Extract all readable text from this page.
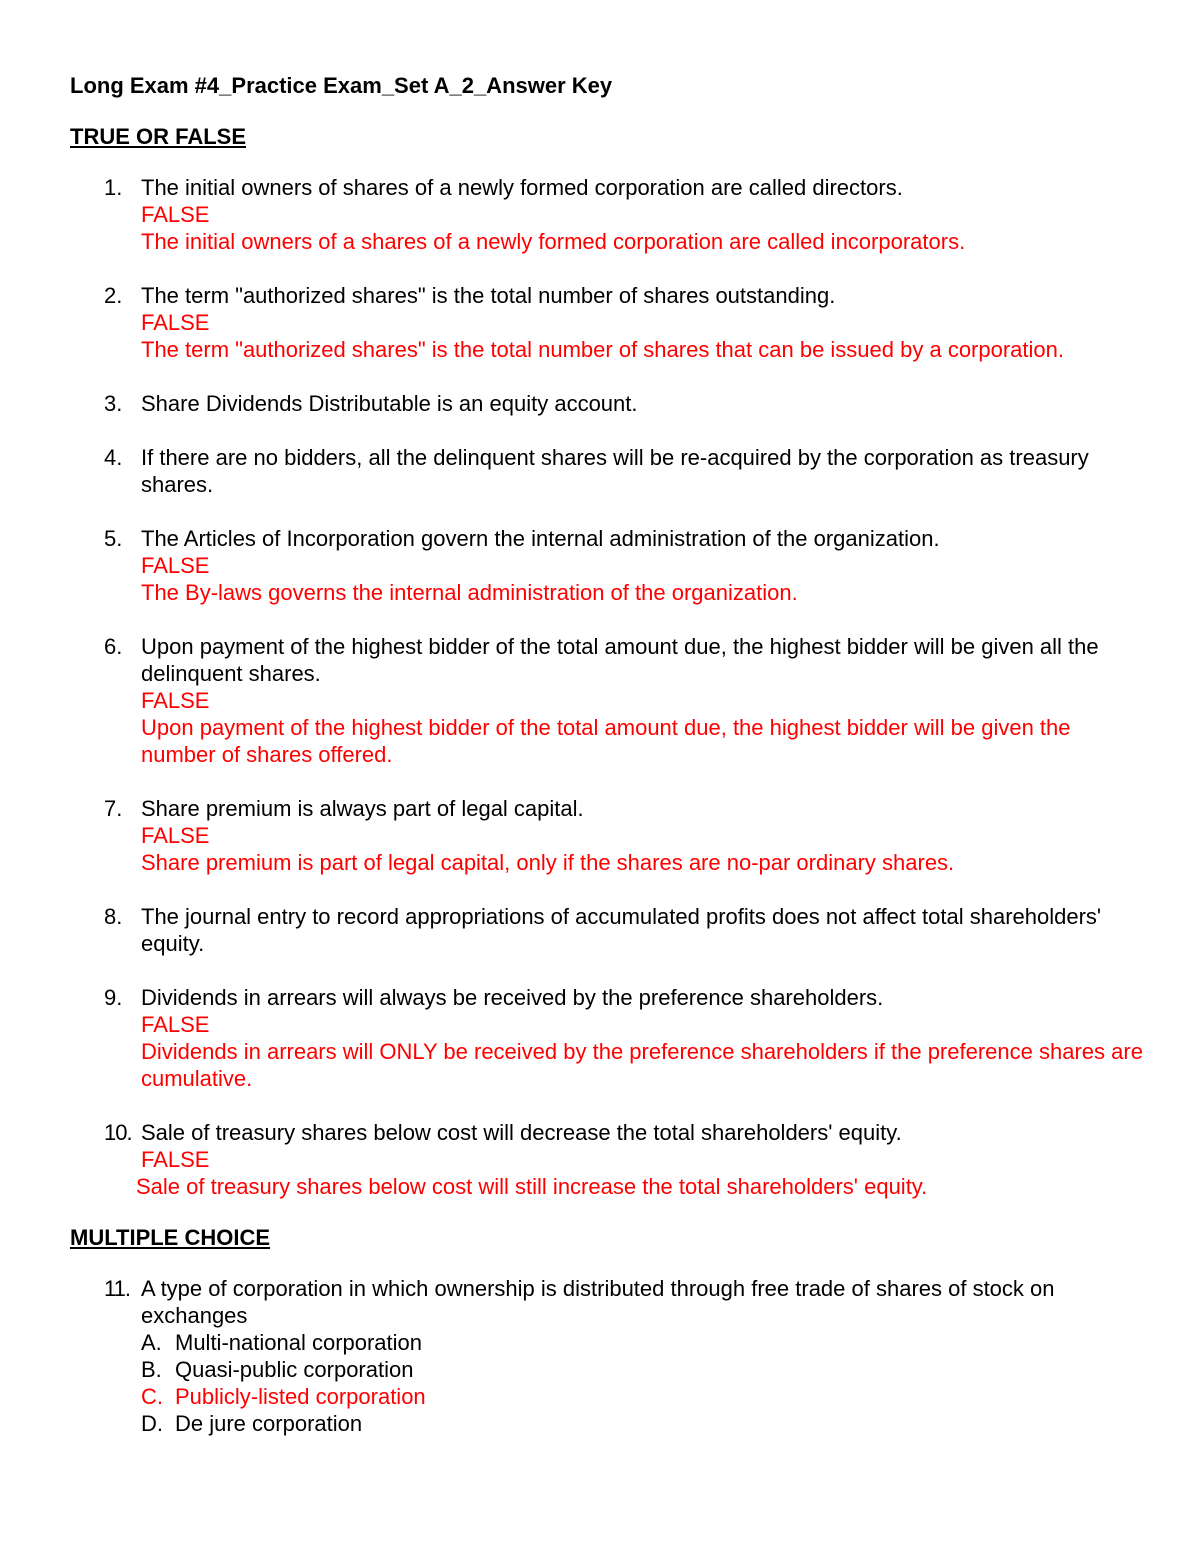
Long Exam #4_Practice Exam_Set A_2_Answer Key
TRUE OR FALSE
1. The initial owners of shares of a newly formed corporation are called directors.
FALSE
The initial owners of a shares of a newly formed corporation are called incorporators.
2. The term "authorized shares" is the total number of shares outstanding.
FALSE
The term "authorized shares" is the total number of shares that can be issued by a corporation.
3. Share Dividends Distributable is an equity account.
4. If there are no bidders, all the delinquent shares will be re-acquired by the corporation as treasury shares.
5. The Articles of Incorporation govern the internal administration of the organization.
FALSE
The By-laws governs the internal administration of the organization.
6. Upon payment of the highest bidder of the total amount due, the highest bidder will be given all the delinquent shares.
FALSE
Upon payment of the highest bidder of the total amount due, the highest bidder will be given the number of shares offered.
7. Share premium is always part of legal capital.
FALSE
Share premium is part of legal capital, only if the shares are no-par ordinary shares.
8. The journal entry to record appropriations of accumulated profits does not affect total shareholders' equity.
9. Dividends in arrears will always be received by the preference shareholders.
FALSE
Dividends in arrears will ONLY be received by the preference shareholders if the preference shares are cumulative.
10. Sale of treasury shares below cost will decrease the total shareholders' equity.
FALSE
Sale of treasury shares below cost will still increase the total shareholders' equity.
MULTIPLE CHOICE
11. A type of corporation in which ownership is distributed through free trade of shares of stock on exchanges
A. Multi-national corporation
B. Quasi-public corporation
C. Publicly-listed corporation
D. De jure corporation
